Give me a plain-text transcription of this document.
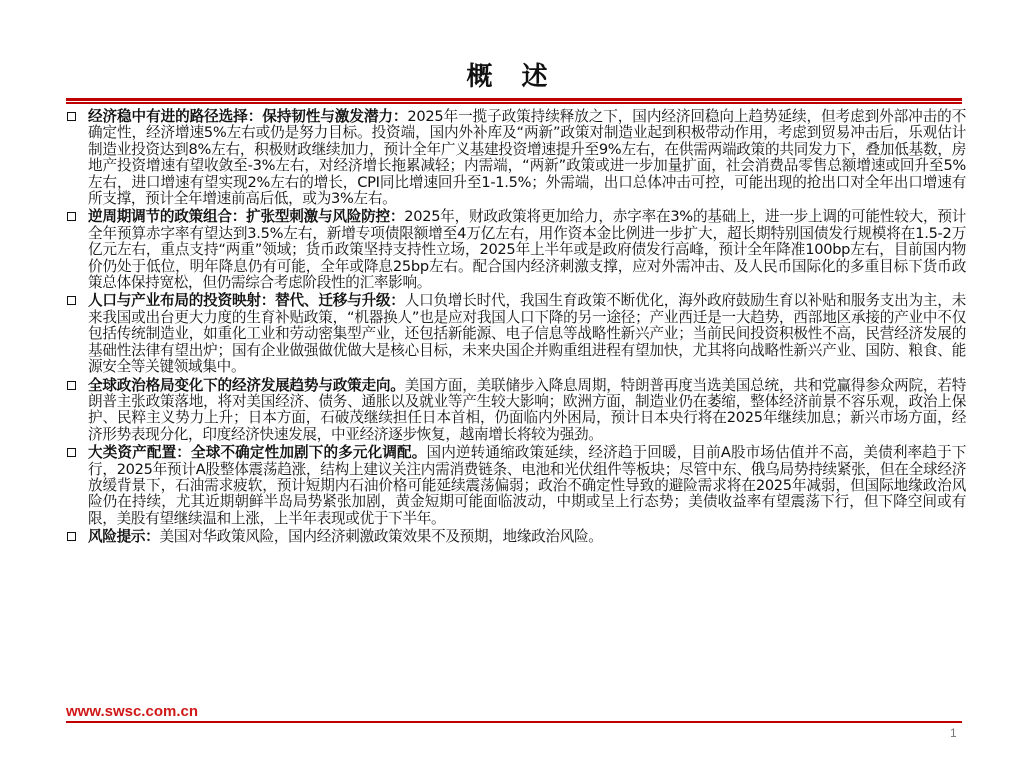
概 述

经济稳中有进的路径选择：保持韧性与激发潜力：2025年一揽子政策持续释放之下，国内经济回稳向上趋势延续，但考虑到外部冲击的不确定性，经济增速5%左右或仍是努力目标。投资端，国内外补库及“两新”政策对制造业起到积极带动作用，考虑到贸易冲击后，乐观估计制造业投资达到8%左右，积极财政继续加力，预计全年广义基建投资增速提升至9%左右，在供需两端政策的共同发力下，叠加低基数，房地产投资增速有望收敛至-3%左右，对经济增长拖累减轻；内需端，“两新”政策或进一步加量扩面，社会消费品零售总额增速或回升至5%左右，进口增速有望实现2%左右的增长，CPI同比增速回升至1-1.5%；外需端，出口总体冲击可控，可能出现的抢出口对全年出口增速有所支撑，预计全年增速前高后低，或为3%左右。

逆周期调节的政策组合：扩张型刺激与风险防控：2025年，财政政策将更加给力，赤字率在3%的基础上，进一步上调的可能性较大，预计全年预算赤字率有望达到3.5%左右，新增专项债限额增至4万亿左右，用作资本金比例进一步扩大，超长期特别国债发行规模将在1.5-2万亿元左右，重点支持“两重”领域；货币政策坚持支持性立场，2025年上半年或是政府债发行高峰，预计全年降准100bp左右，目前国内物价仍处于低位，明年降息仍有可能，全年或降息25bp左右。配合国内经济刺激支撑，应对外需冲击、及人民币国际化的多重目标下货币政策总体保持宽松，但仍需综合考虑阶段性的汇率影响。

人口与产业布局的投资映射：替代、迁移与升级：人口负增长时代，我国生育政策不断优化，海外政府鼓励生育以补贴和服务支出为主，未来我国或出台更大力度的生育补贴政策，“机器换人”也是应对我国人口下降的另一途径；产业西迁是一大趋势，西部地区承接的产业中不仅包括传统制造业，如重化工业和劳动密集型产业，还包括新能源、电子信息等战略性新兴产业；当前民间投资积极性不高，民营经济发展的基础性法律有望出炉；国有企业做强做优做大是核心目标，未来央国企并购重组进程有望加快，尤其将向战略性新兴产业、国防、粮食、能源安全等关键领域集中。

全球政治格局变化下的经济发展趋势与政策走向。美国方面，美联储步入降息周期，特朗普再度当选美国总统，共和党赢得参众两院，若特朗普主张政策落地，将对美国经济、债务、通胀以及就业等产生较大影响；欧洲方面，制造业仍在萎缩，整体经济前景不容乐观，政治上保护、民粹主义势力上升；日本方面，石破茂继续担任日本首相，仍面临内外困局，预计日本央行将在2025年继续加息；新兴市场方面，经济形势表现分化，印度经济快速发展，中亚经济逐步恢复，越南增长将较为强劲。

大类资产配置：全球不确定性加剧下的多元化调配。国内逆转通缩政策延续，经济趋于回暖，目前A股市场估值并不高，美债利率趋于下行，2025年预计A股整体震荡趋涨，结构上建议关注内需消费链条、电池和光伏组件等板块；尽管中东、俄乌局势持续紧张，但在全球经济放缓背景下，石油需求疲软，预计短期内石油价格可能延续震荡偏弱；政治不确定性导致的避险需求将在2025年减弱，但国际地缘政治风险仍在持续，尤其近期朝鲜半岛局势紧张加剧，黄金短期可能面临波动，中期或呈上行态势；美债收益率有望震荡下行，但下降空间或有限，美股有望继续温和上涨，上半年表现或优于下半年。

风险提示：美国对华政策风险，国内经济刺激政策效果不及预期，地缘政治风险。

www.swsc.com.cn
1
